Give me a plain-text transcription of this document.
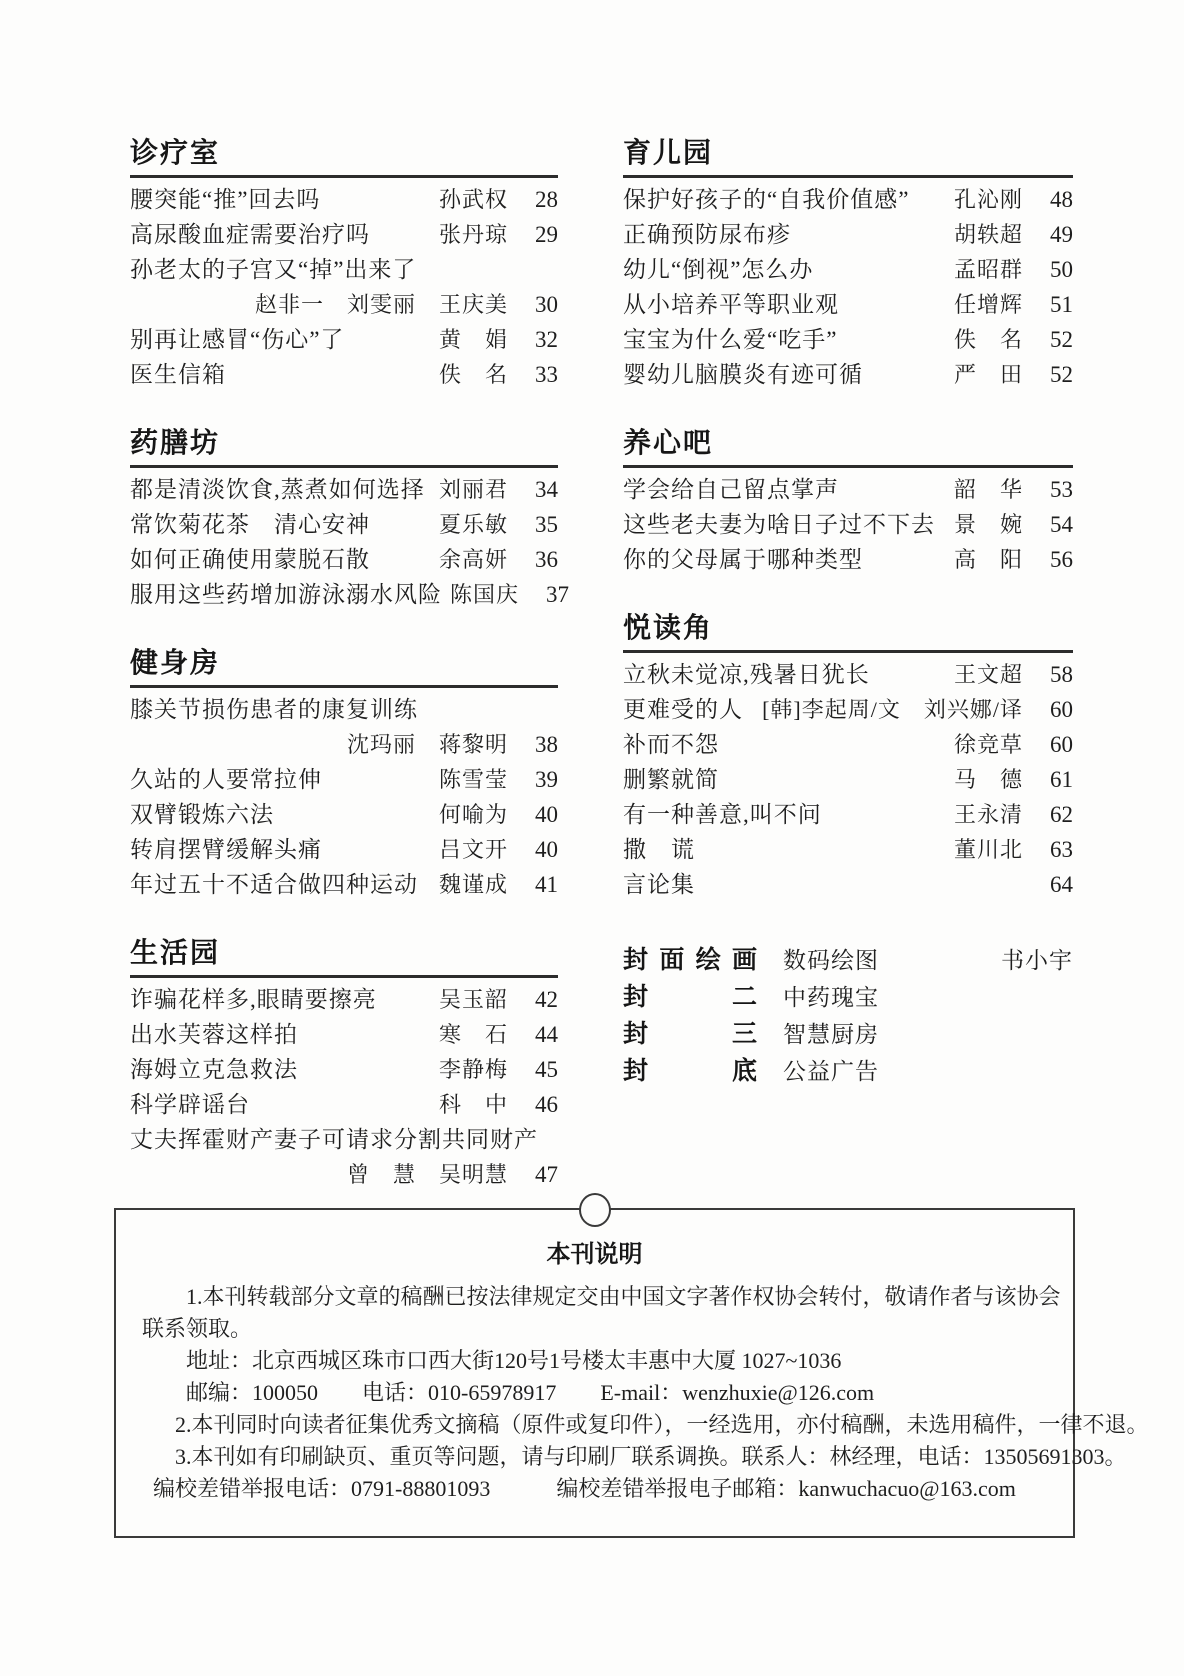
诊疗室
腰突能“推”回去吗	孙武权	28
高尿酸血症需要治疗吗	张丹琼	29
孙老太的子宫又“掉”出来了
赵非一　刘雯丽　王庆美	30
别再让感冒“伤心”了	黄　娟	32
医生信箱	佚　名	33
药膳坊
都是清淡饮食,蒸煮如何选择 刘丽君	34
常饮菊花茶　清心安神	夏乐敏	35
如何正确使用蒙脱石散	余高妍	36
服用这些药增加游泳溺水风险 陈国庆	37
健身房
膝关节损伤患者的康复训练
沈玛丽　蒋黎明	38
久站的人要常拉伸	陈雪莹	39
双臂锻炼六法	何喻为	40
转肩摆臂缓解头痛	吕文开	40
年过五十不适合做四种运动 魏谨成	41
生活园
诈骗花样多,眼睛要擦亮	吴玉韶	42
出水芙蓉这样拍	寒　石	44
海姆立克急救法	李静梅	45
科学辟谣台	科　中	46
丈夫挥霍财产妻子可请求分割共同财产
曾　慧　吴明慧	47
育儿园
保护好孩子的“自我价值感”	孔沁刚	48
正确预防尿布疹	胡轶超	49
幼儿“倒视”怎么办	孟昭群	50
从小培养平等职业观	任增辉	51
宝宝为什么爱“吃手”	佚　名	52
婴幼儿脑膜炎有迹可循	严　田	52
养心吧
学会给自己留点掌声	韶　华	53
这些老夫妻为啥日子过不下去 景　婉	54
你的父母属于哪种类型	高　阳	56
悦读角
立秋未觉凉,残暑日犹长	王文超	58
更难受的人 [韩]李起周/文　刘兴娜/译	60
补而不怨	徐竞草	60
删繁就简	马　德	61
有一种善意,叫不问	王永清	62
撒　谎	董川北	63
言论集	64
封面绘画 数码绘图	书小宇
封二 中药瑰宝
封三 智慧厨房
封底 公益广告
本刊说明
1.本刊转载部分文章的稿酬已按法律规定交由中国文字著作权协会转付，敬请作者与该协会
联系领取。
地址：北京西城区珠市口西大街120号1号楼太丰惠中大厦 1027~1036
邮编：100050　　电话：010-65978917　　E-mail：wenzhuxie@126.com
2.本刊同时向读者征集优秀文摘稿（原件或复印件），一经选用，亦付稿酬，未选用稿件，一律不退。
3.本刊如有印刷缺页、重页等问题，请与印刷厂联系调换。联系人：林经理，电话：13505691303。
编校差错举报电话：0791-88801093　　　编校差错举报电子邮箱：kanwuchacuo@163.com
